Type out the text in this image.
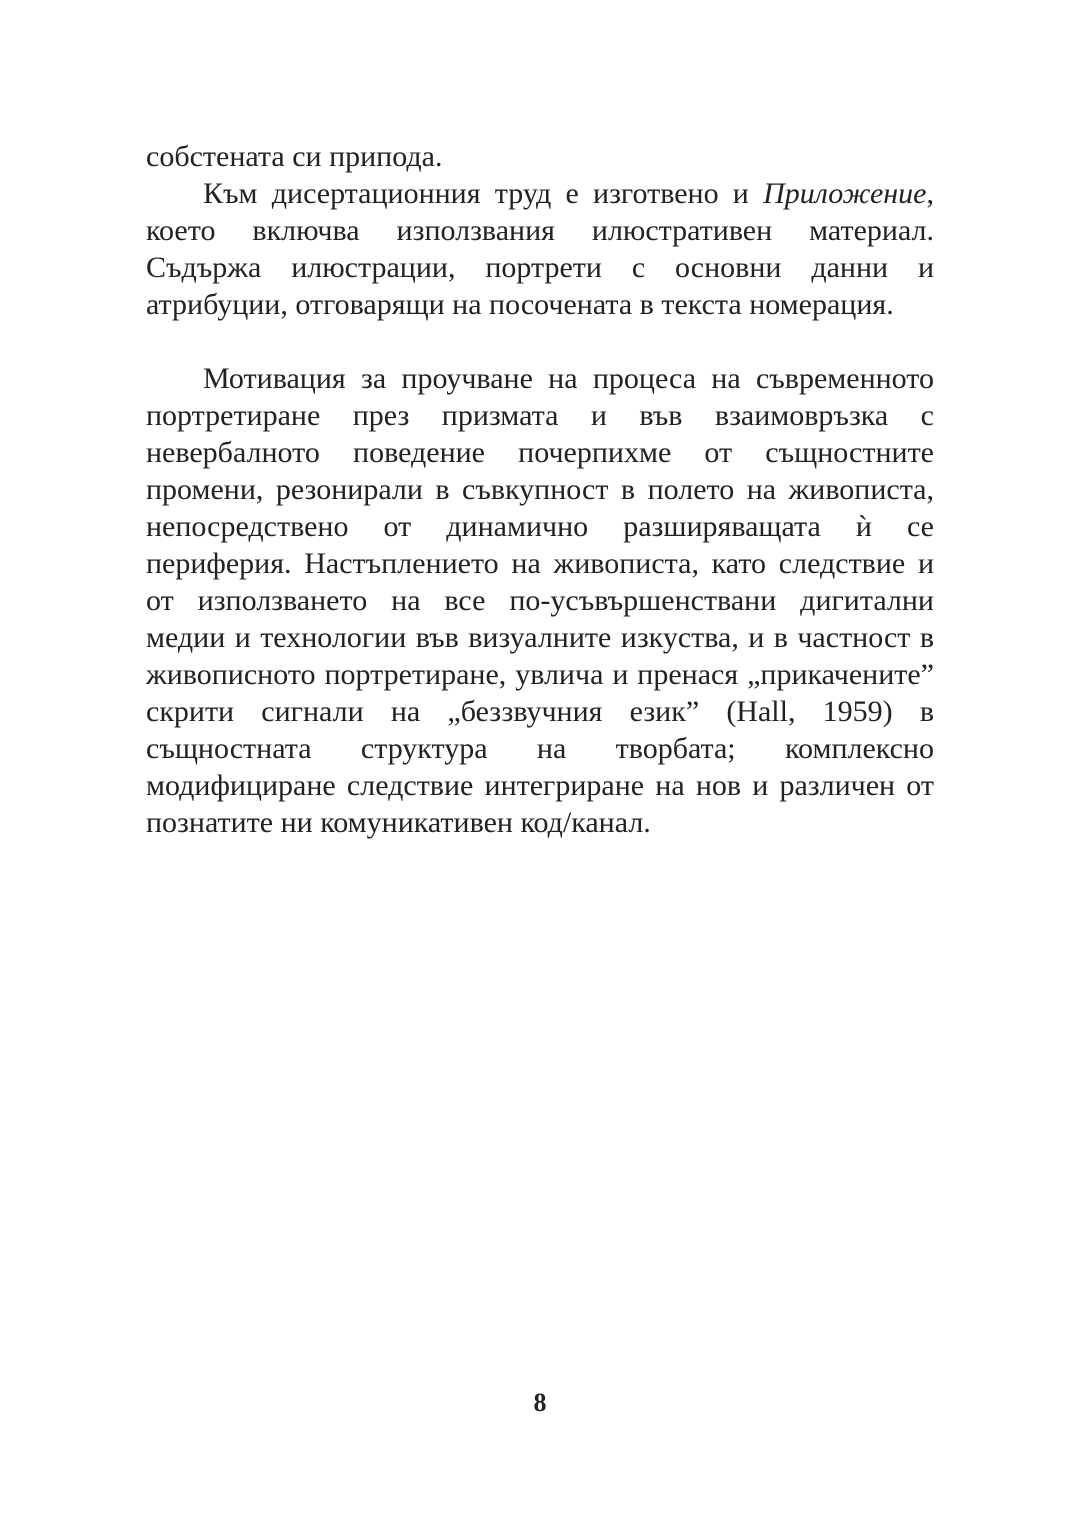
собстената си припода.

Към дисертационния труд е изготвено и Приложение, което включва използвания илюстративен материал. Съдържа илюстрации, портрети с основни данни и атрибуции, отговарящи на посочената в текста номерация.

Мотивация за проучване на процеса на съвременното портретиране през призмата и във взаимовръзка с невербалното поведение почерпихме от същностните промени, резонирали в съвкупност в полето на живописта, непосредствено от динамично разширяващата ѝ се периферия. Настъплението на живописта, като следствие и от използването на все по-усъвършенствани дигитални медии и технологии във визуалните изкуства, и в частност в живописното портретиране, увлича и пренася „прикачените” скрити сигнали на „беззвучния език” (Hall, 1959) в същностната структура на творбата; комплексно модифициране следствие интегриране на нов и различен от познатите ни комуникативен код/канал.

8
